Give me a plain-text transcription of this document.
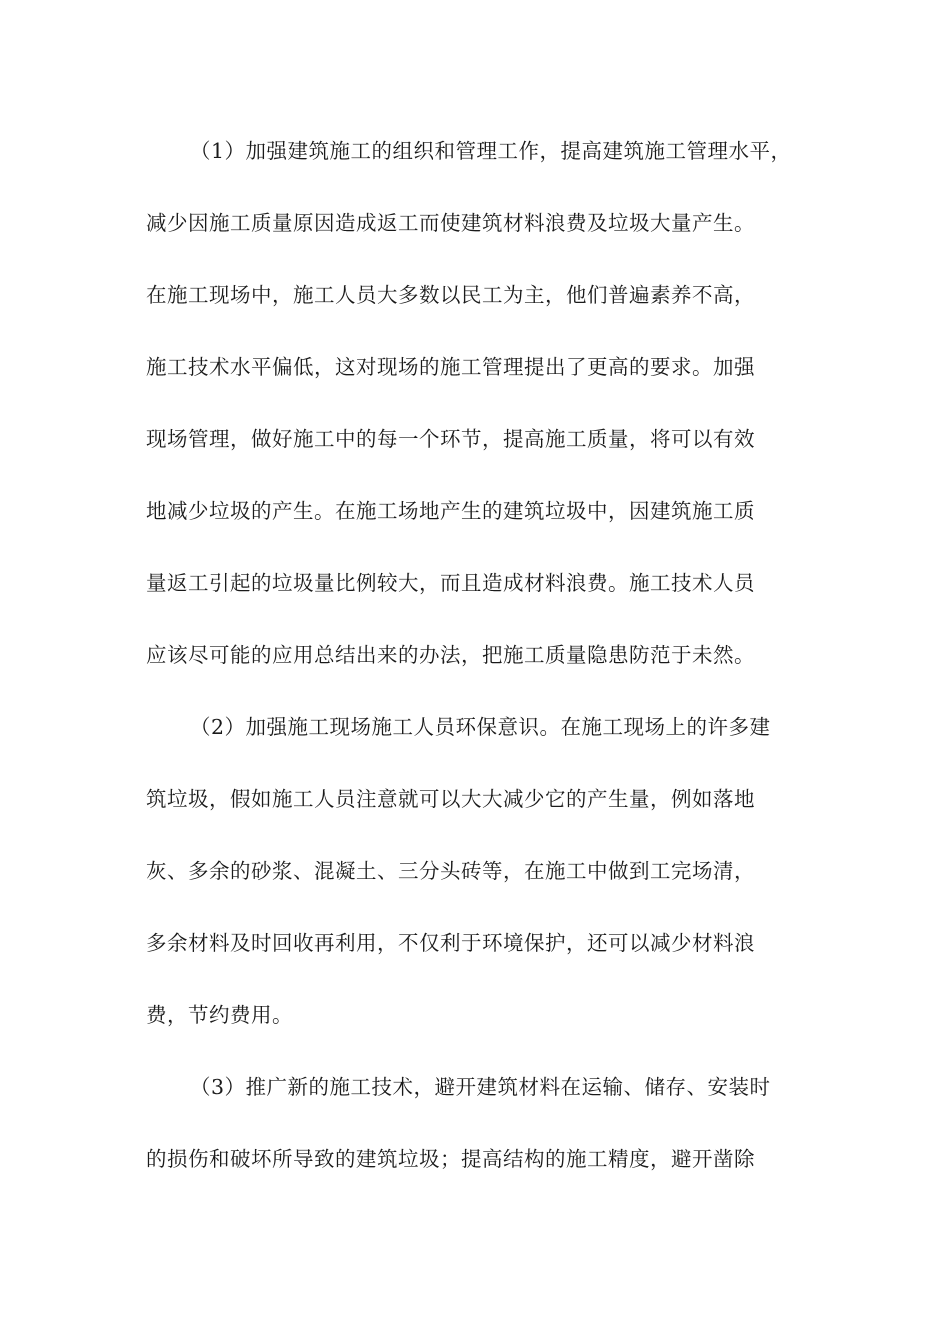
（1）加强建筑施工的组织和管理工作，提高建筑施工管理水平，
减少因施工质量原因造成返工而使建筑材料浪费及垃圾大量产生。
在施工现场中，施工人员大多数以民工为主，他们普遍素养不高，
施工技术水平偏低，这对现场的施工管理提出了更高的要求。加强
现场管理，做好施工中的每一个环节，提高施工质量，将可以有效
地减少垃圾的产生。在施工场地产生的建筑垃圾中，因建筑施工质
量返工引起的垃圾量比例较大，而且造成材料浪费。施工技术人员
应该尽可能的应用总结出来的办法，把施工质量隐患防范于未然。
（2）加强施工现场施工人员环保意识。在施工现场上的许多建
筑垃圾，假如施工人员注意就可以大大减少它的产生量，例如落地
灰、多余的砂浆、混凝土、三分头砖等，在施工中做到工完场清，
多余材料及时回收再利用，不仅利于环境保护，还可以减少材料浪
费，节约费用。
（3）推广新的施工技术，避开建筑材料在运输、储存、安装时
的损伤和破坏所导致的建筑垃圾；提高结构的施工精度，避开凿除
